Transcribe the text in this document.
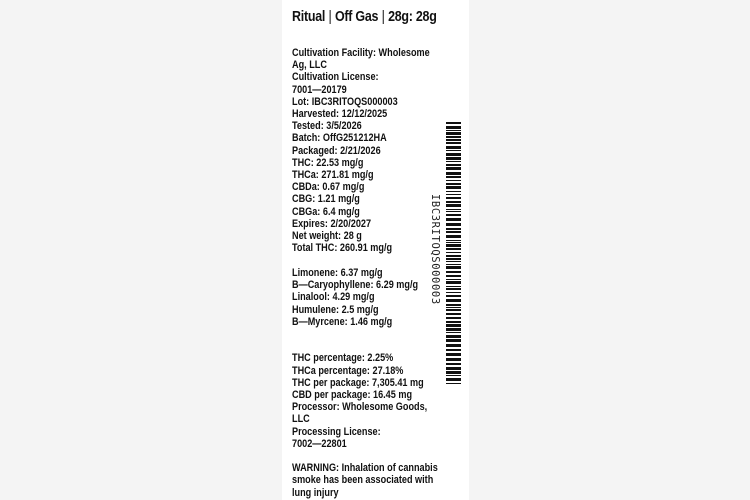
Ritual | Off Gas | 28g: 28g
Cultivation Facility: Wholesome Ag, LLC
Cultivation License: 7001—20179
Lot: IBC3RITOQS000003
Harvested: 12/12/2025
Tested: 3/5/2026
Batch: OffG251212HA
Packaged: 2/21/2026
THC: 22.53 mg/g
THCa: 271.81 mg/g
CBDa: 0.67 mg/g
CBG: 1.21 mg/g
CBGa: 6.4 mg/g
Expires: 2/20/2027
Net weight: 28 g
Total THC: 260.91 mg/g
Limonene: 6.37 mg/g
B—Caryophyllene: 6.29 mg/g
Linalool: 4.29 mg/g
Humulene: 2.5 mg/g
B—Myrcene: 1.46 mg/g
THC percentage: 2.25%
THCa percentage: 27.18%
THC per package: 7,305.41 mg
CBD per package: 16.45 mg
Processor: Wholesome Goods, LLC
Processing License: 7002—22801
WARNING: Inhalation of cannabis smoke has been associated with lung injury
IBC3RITOQS000003
